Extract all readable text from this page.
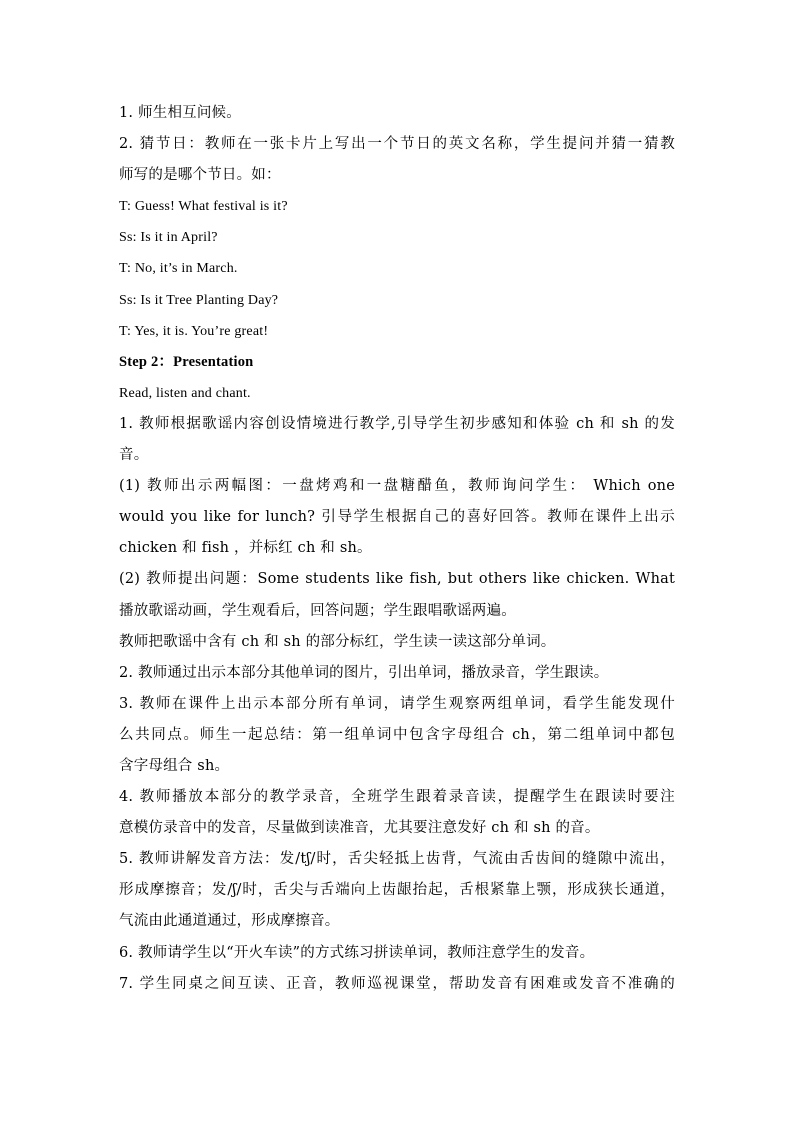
1. 师生相互问候。
2. 猜节日：教师在一张卡片上写出一个节日的英文名称，学生提问并猜一猜教
师写的是哪个节日。如：
T: Guess! What festival is it?
Ss: Is it in April?
T: No, it’s in March.
Ss: Is it Tree Planting Day?
T: Yes, it is. You’re great!
Step 2：Presentation
Read, listen and chant.
1. 教师根据歌谣内容创设情境进行教学,引导学生初步感知和体验 ch 和 sh 的发
音。
(1) 教师出示两幅图：一盘烤鸡和一盘糖醋鱼，教师询问学生： Which one
would you like for lunch? 引导学生根据自己的喜好回答。教师在课件上出示
chicken 和 fish ，并标红 ch 和 sh。
(2) 教师提出问题：Some students like fish, but others like chicken. What
播放歌谣动画，学生观看后，回答问题；学生跟唱歌谣两遍。
教师把歌谣中含有 ch 和 sh 的部分标红，学生读一读这部分单词。
2. 教师通过出示本部分其他单词的图片，引出单词，播放录音，学生跟读。
3. 教师在课件上出示本部分所有单词，请学生观察两组单词，看学生能发现什
么共同点。师生一起总结：第一组单词中包含字母组合 ch，第二组单词中都包
含字母组合 sh。
4. 教师播放本部分的教学录音，全班学生跟着录音读，提醒学生在跟读时要注
意模仿录音中的发音，尽量做到读准音，尤其要注意发好 ch 和 sh 的音。
5. 教师讲解发音方法：发/tʃ/时，舌尖轻抵上齿背，气流由舌齿间的缝隙中流出，
形成摩擦音；发/ʃ/时，舌尖与舌端向上齿龈抬起，舌根紧靠上颚，形成狭长通道，
气流由此通道通过，形成摩擦音。
6. 教师请学生以“开火车读”的方式练习拼读单词，教师注意学生的发音。
7. 学生同桌之间互读、正音，教师巡视课堂，帮助发音有困难或发音不准确的
